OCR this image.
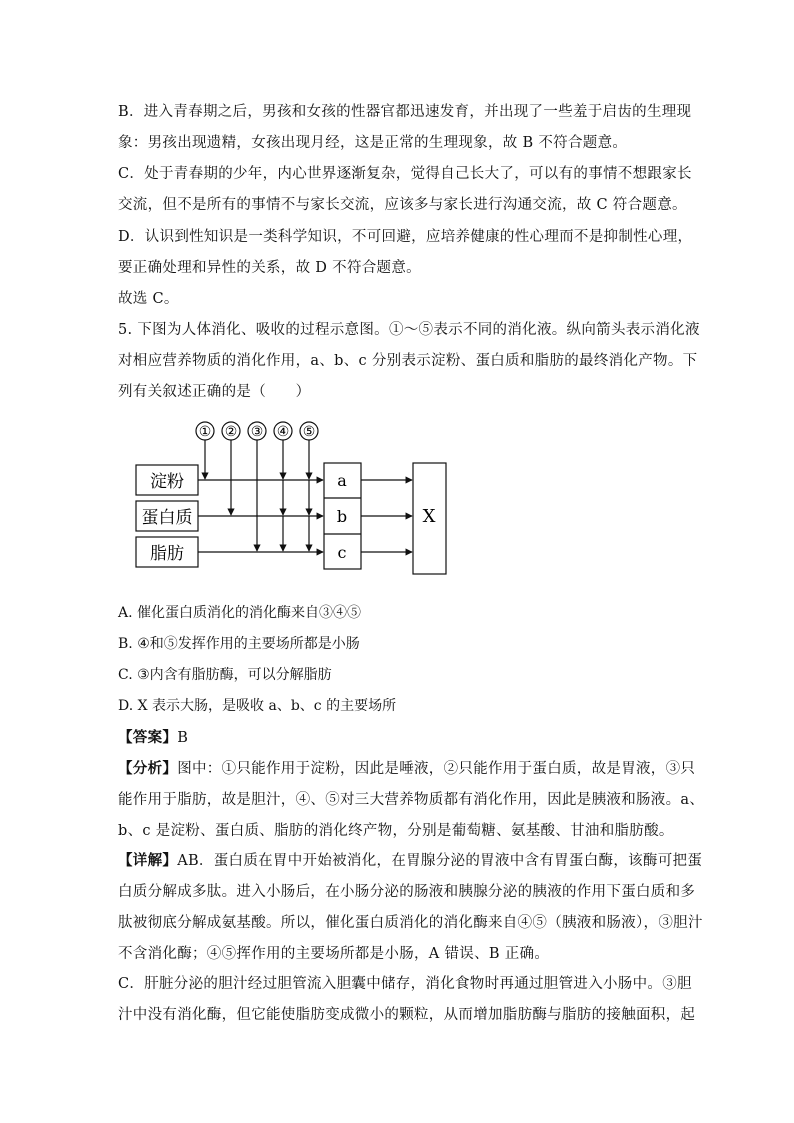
B．进入青春期之后，男孩和女孩的性器官都迅速发育，并出现了一些羞于启齿的生理现
象：男孩出现遗精，女孩出现月经，这是正常的生理现象，故 B 不符合题意。
C．处于青春期的少年，内心世界逐渐复杂，觉得自己长大了，可以有的事情不想跟家长
交流，但不是所有的事情不与家长交流，应该多与家长进行沟通交流，故 C 符合题意。
D．认识到性知识是一类科学知识，不可回避，应培养健康的性心理而不是抑制性心理，
要正确处理和异性的关系，故 D 不符合题意。
故选 C。
5. 下图为人体消化、吸收的过程示意图。①～⑤表示不同的消化液。纵向箭头表示消化液
对相应营养物质的消化作用，a、b、c 分别表示淀粉、蛋白质和脂肪的最终消化产物。下
列有关叙述正确的是（　　）
① ② ③ ④ ⑤
淀粉
蛋白质
脂肪
a
b
c
X
A. 催化蛋白质消化的消化酶来自③④⑤
B. ④和⑤发挥作用的主要场所都是小肠
C. ③内含有脂肪酶，可以分解脂肪
D. X 表示大肠，是吸收 a、b、c 的主要场所
【答案】B
【分析】图中：①只能作用于淀粉，因此是唾液，②只能作用于蛋白质，故是胃液，③只
能作用于脂肪，故是胆汁，④、⑤对三大营养物质都有消化作用，因此是胰液和肠液。a、
b、c 是淀粉、蛋白质、脂肪的消化终产物，分别是葡萄糖、氨基酸、甘油和脂肪酸。
【详解】AB．蛋白质在胃中开始被消化，在胃腺分泌的胃液中含有胃蛋白酶，该酶可把蛋
白质分解成多肽。进入小肠后，在小肠分泌的肠液和胰腺分泌的胰液的作用下蛋白质和多
肽被彻底分解成氨基酸。所以，催化蛋白质消化的消化酶来自④⑤（胰液和肠液），③胆汁
不含消化酶；④⑤挥作用的主要场所都是小肠，A 错误、B 正确。
C．肝脏分泌的胆汁经过胆管流入胆囊中储存，消化食物时再通过胆管进入小肠中。③胆
汁中没有消化酶，但它能使脂肪变成微小的颗粒，从而增加脂肪酶与脂肪的接触面积，起
